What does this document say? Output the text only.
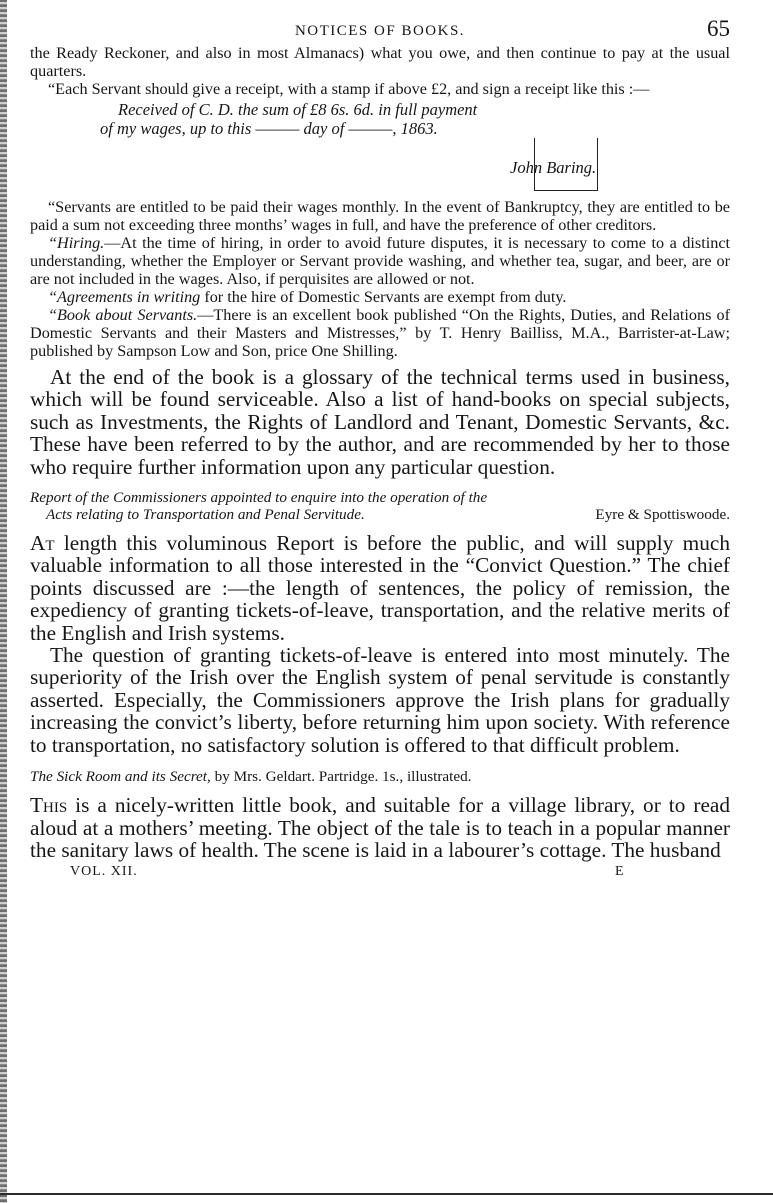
NOTICES OF BOOKS.	65

the Ready Reckoner, and also in most Almanacs) what you owe, and then continue to pay at the usual quarters.

“Each Servant should give a receipt, with a stamp if above £2, and sign a receipt like this :—

Received of C. D. the sum of £8 6s. 6d. in full payment
of my wages, up to this ——— day of ———, 1863.
John Baring.

“Servants are entitled to be paid their wages monthly. In the event of Bankruptcy, they are entitled to be paid a sum not exceeding three months’ wages in full, and have the preference of other creditors.

“Hiring.—At the time of hiring, in order to avoid future disputes, it is necessary to come to a distinct understanding, whether the Employer or Servant provide washing, and whether tea, sugar, and beer, are or are not included in the wages. Also, if perquisites are allowed or not.

“Agreements in writing for the hire of Domestic Servants are exempt from duty.

“Book about Servants.—There is an excellent book published “On the Rights, Duties, and Relations of Domestic Servants and their Masters and Mistresses,” by T. Henry Bailliss, M.A., Barrister-at-Law; published by Sampson Low and Son, price One Shilling.

At the end of the book is a glossary of the technical terms used in business, which will be found serviceable. Also a list of hand-books on special subjects, such as Investments, the Rights of Landlord and Tenant, Domestic Servants, &c. These have been referred to by the author, and are recommended by her to those who require further information upon any particular question.

Report of the Commissioners appointed to enquire into the operation of the
Acts relating to Transportation and Penal Servitude.	Eyre & Spottiswoode.

At length this voluminous Report is before the public, and will supply much valuable information to all those interested in the “Convict Question.” The chief points discussed are :—the length of sentences, the policy of remission, the expediency of granting tickets-of-leave, transportation, and the relative merits of the English and Irish systems.

The question of granting tickets-of-leave is entered into most minutely. The superiority of the Irish over the English system of penal servitude is constantly asserted. Especially, the Commissioners approve the Irish plans for gradually increasing the convict’s liberty, before returning him upon society. With reference to transportation, no satisfactory solution is offered to that difficult problem.

The Sick Room and its Secret, by Mrs. Geldart. Partridge. 1s., illustrated.

This is a nicely-written little book, and suitable for a village library, or to read aloud at a mothers’ meeting. The object of the tale is to teach in a popular manner the sanitary laws of health. The scene is laid in a labourer’s cottage. The husband

VOL. XII.	E
